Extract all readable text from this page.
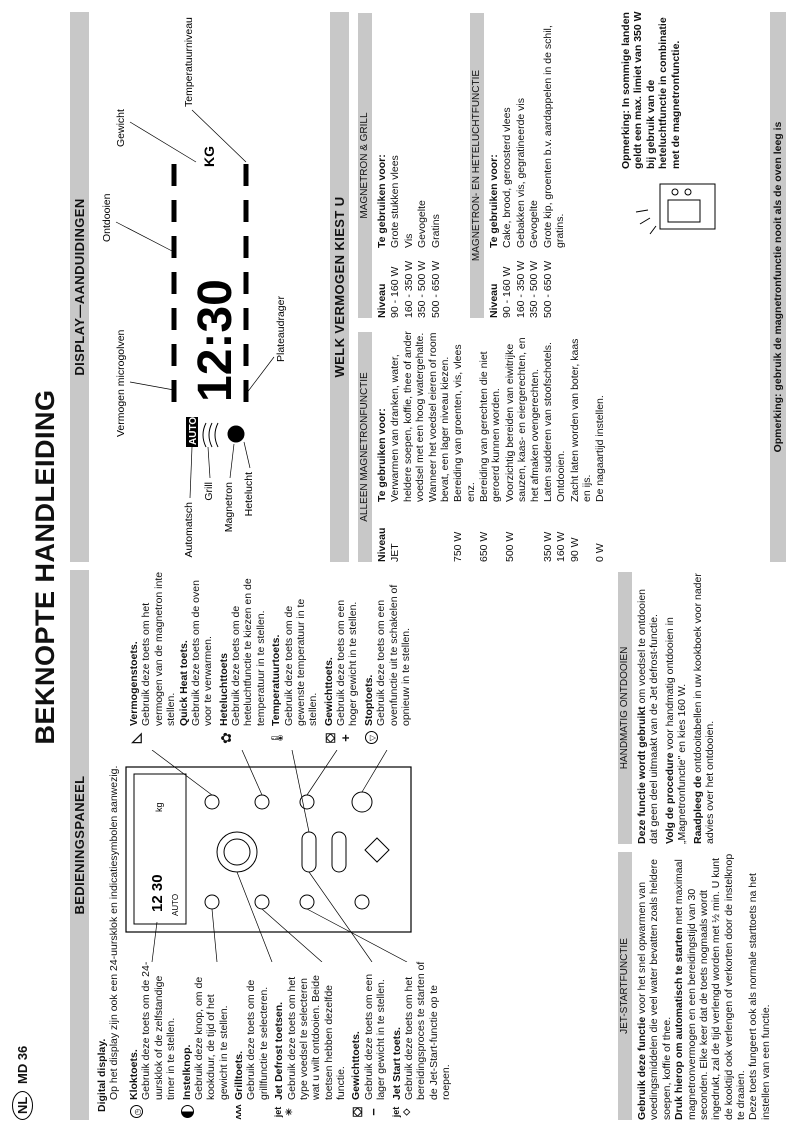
NL
MD 36
BEKNOPTE HANDLEIDING
BEDIENINGSPANEEL
Digital display. Op het display zijn ook een 24-uursklok en indicatiesymbolen aanwezig.
◷
Kloktoets.
Gebruik deze toets om de 24-uursklok of de zelfstandige timer in te stellen. Instelknop.
Gebruik deze knop, om de kookduur, de tijd of het gewicht in te stellen.
ʌʌʌ
Grilltoets.
Gebruik deze toets om de grillfunctie te selecteren.
jet
✳
Jet Defrost toetsen.
Gebruik deze toets om het type voedsel te selecteren wat u wilt ontdooien. Beide toetsen hebben dezelfde functie.
⛋
−
Gewichttoets.
Gebruik deze toets om een lager gewicht in te stellen.
jet
◇
Jet Start toets.
Gebruik deze toets om het bereidingsproces te starten of de Jet-Start-functie op te roepen.
12 30
kg
AUTO
◺
Vermogenstoets.
Gebruik deze toets om het vermogen van de magnetron inte stellen.
Quick Heat toets.
Gebruik deze toets om de oven voor te verwarmen.
✿
Heteluchttoets
Gebruik deze toets om de heteluchtfunctie te kiezen en de temperatuur in te stellen.
🌡
Temperatuurtoets.
Gebruik deze toets om de gewenste temperatuur in te stellen.
⛋
+
Gewichttoets.
Gebruik deze toets om een hoger gewicht in te stellen.
▽
Stoptoets.
Gebruik deze toets om een ovenfunctie uit te schakelen of opnieuw in te stellen.
JET-STARTFUNCTIE
Gebruik deze functie voor het snel opwarmen van voedingsmiddelen die veel water bevatten zoals heldere soepen, koffie of thee. Druk hierop om automatisch te starten met maximaal magnetronvermogen en een bereidingstijd van 30 seconden. Elke keer dat de toets nogmaals wordt ingedrukt, zal de tijd verlengd worden met ½ min. U kunt de kooktijd ook verlengen of verkorten door de instelknop te draaien. Deze toets fungeert ook als normale starttoets na het instellen van een functie.
HANDMATIG ONTDOOIEN Deze functie wordt gebruikt om voedsel te ontdooien dat geen deel uitmaakt van de Jet defrost-functie. Volg de procedure voor handmatig ontdooien in „Magnetronfunctie" en kies 160 W. Raadpleeg de ontdooitabellen in uw kookboek voor nader advies over het ontdooien.
DISPLAY—AANDUIDINGEN
Vermogen microgolven
Ontdooien
Gewicht
Temperatuurniveau
Automatsch
Grill Magnetron Hetelucht
Plateaudrager
AUTO
12:30
KG
WELK VERMOGEN KIEST U
ALLEEN MAGNETRONFUNCTIE
Niveau	Te gebruiken voor:
JET	Verwarmen van dranken, water, heldere soepen, koffie, thee of ander voedsel met een hoog watergehalte. Wanneer het voedsel eieren of room bevat, een lager niveau kiezen.
750 W	Bereiding van groenten, vis, vlees enz.
650 W	Bereiding van gerechten die niet geroerd kunnen worden.
500 W	Voorzichtig bereiden van eiwitrijke sauzen, kaas- en eiergerechten, en het afmaken ovengerechten.
350 W	Laten sudderen van stoofschotels.
160 W	Ontdooien.
90 W	Zacht laten worden van boter, kaas en ijs.
0 W	De nagaartijd instellen.
MAGNETRON & GRILL
Niveau	Te gebruiken voor:
90 - 160 W	Grote stukken vlees
160 - 350 W	Vis
350 - 500 W	Gevogelte
500 - 650 W	Gratins	MAGNETRON- EN HETELUCHTFUNCTIE
Niveau	Te gebruiken voor:
90 - 160 W	Cake, brood, geroosterd vlees
160 - 350 W	Gebakken vis, gegratineerde vis
350 - 500 W	Gevogelte
500 - 650 W	Grote kip, groenten b.v. aardappelen in de schil, gratins.
Opmerking: In sommige landen geldt een max. limiet van 350 W bij gebruik van de heteluchtfunctie in combinatie met de magnetronfunctie.
Opmerking: gebruik de magnetronfunctie nooit als de oven leeg is
